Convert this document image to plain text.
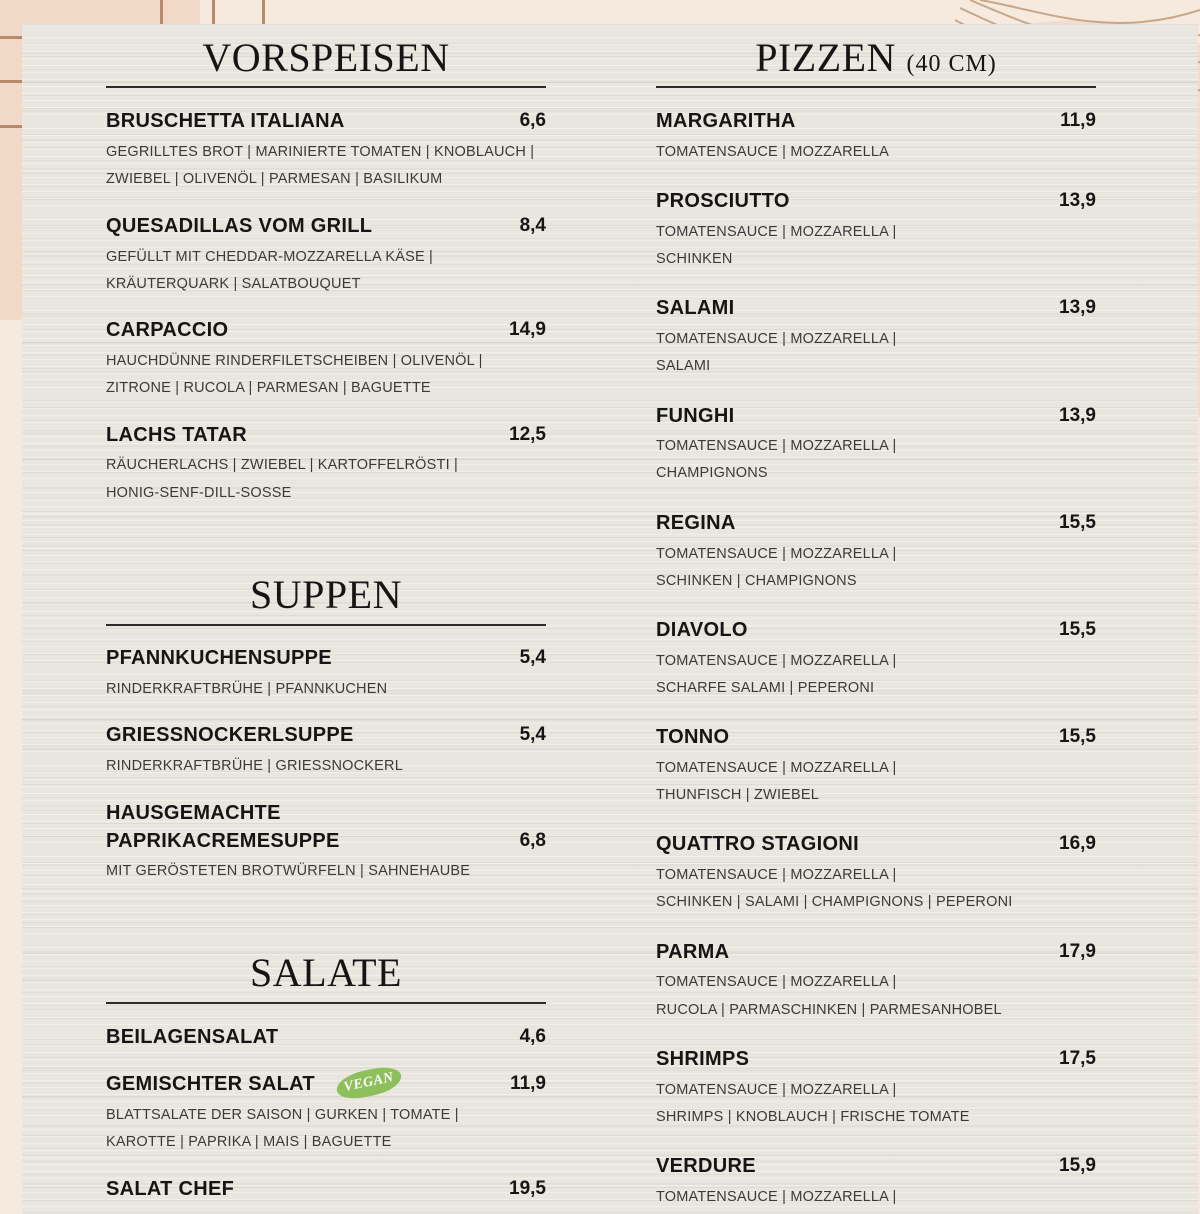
VORSPEISEN
BRUSCHETTA ITALIANA	6,6
GEGRILLTES BROT | MARINIERTE TOMATEN | KNOBLAUCH |
ZWIEBEL | OLIVENÖL | PARMESAN | BASILIKUM
QUESADILLAS VOM GRILL	8,4
GEFÜLLT MIT CHEDDAR-MOZZARELLA KÄSE |
KRÄUTERQUARK | SALATBOUQUET
CARPACCIO	14,9
HAUCHDÜNNE RINDERFILETSCHEIBEN | OLIVENÖL |
ZITRONE | RUCOLA | PARMESAN | BAGUETTE
LACHS TATAR	12,5
RÄUCHERLACHS | ZWIEBEL | KARTOFFELRÖSTI |
HONIG-SENF-DILL-SOSSE
SUPPEN
PFANNKUCHENSUPPE	5,4
RINDERKRAFTBRÜHE | PFANNKUCHEN
GRIESSNOCKERLSUPPE	5,4
RINDERKRAFTBRÜHE | GRIESSNOCKERL
HAUSGEMACHTE
PAPRIKACREMESUPPE	6,8
MIT GERÖSTETEN BROTWÜRFELN | SAHNEHAUBE
SALATE
BEILAGENSALAT	4,6
GEMISCHTER SALAT	VEGAN	11,9
BLATTSALATE DER SAISON | GURKEN | TOMATE |
KAROTTE | PAPRIKA | MAIS | BAGUETTE
SALAT CHEF	19,5
PIZZEN (40 CM)
MARGARITHA	11,9
TOMATENSAUCE | MOZZARELLA
PROSCIUTTO	13,9
TOMATENSAUCE | MOZZARELLA |
SCHINKEN
SALAMI	13,9
TOMATENSAUCE | MOZZARELLA |
SALAMI
FUNGHI	13,9
TOMATENSAUCE | MOZZARELLA |
CHAMPIGNONS
REGINA	15,5
TOMATENSAUCE | MOZZARELLA |
SCHINKEN | CHAMPIGNONS
DIAVOLO	15,5
TOMATENSAUCE | MOZZARELLA |
SCHARFE SALAMI | PEPERONI
TONNO	15,5
TOMATENSAUCE | MOZZARELLA |
THUNFISCH | ZWIEBEL
QUATTRO STAGIONI	16,9
TOMATENSAUCE | MOZZARELLA |
SCHINKEN | SALAMI | CHAMPIGNONS | PEPERONI
PARMA	17,9
TOMATENSAUCE | MOZZARELLA |
RUCOLA | PARMASCHINKEN | PARMESANHOBEL
SHRIMPS	17,5
TOMATENSAUCE | MOZZARELLA |
SHRIMPS | KNOBLAUCH | FRISCHE TOMATE
VERDURE	15,9
TOMATENSAUCE | MOZZARELLA |
